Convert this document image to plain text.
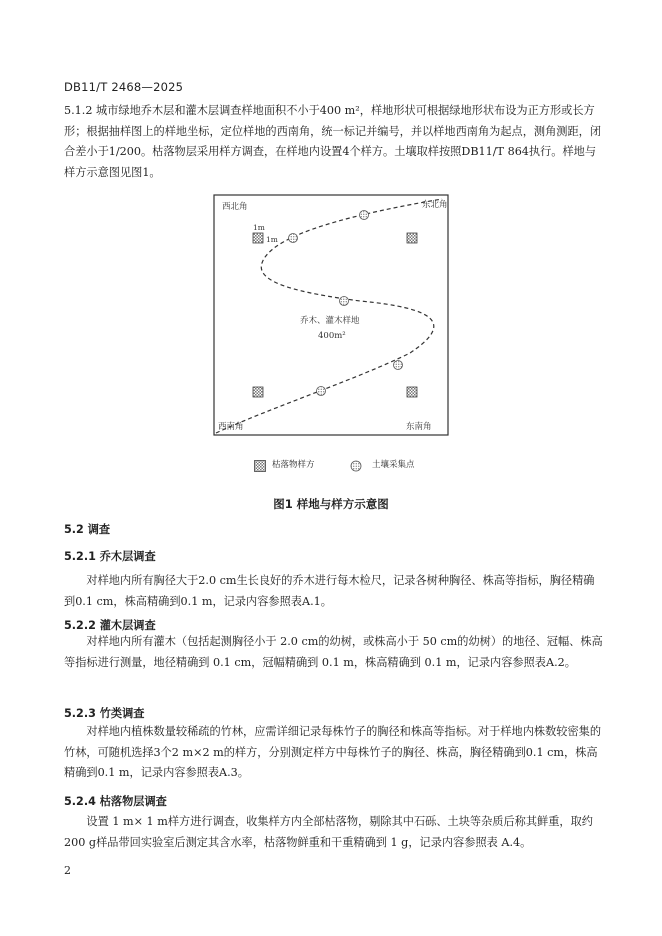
DB11/T 2468—2025
5.1.2 城市绿地乔木层和灌木层调查样地面积不小于400 m²，样地形状可根据绿地形状布设为正方形或长方形；根据抽样图上的样地坐标，定位样地的西南角，统一标记并编号，并以样地西南角为起点，测角测距，闭合差小于1/200。枯落物层采用样方调查，在样地内设置4个样方。土壤取样按照DB11/T 864执行。样地与样方示意图见图1。
西北角	东北角
西南角	东南角
1m
1m
乔木、灌木样地
400m²
枯落物样方	土壤采集点
图1 样地与样方示意图
5.2 调查
5.2.1 乔木层调查
对样地内所有胸径大于2.0 cm生长良好的乔木进行每木检尺，记录各树种胸径、株高等指标，胸径精确到0.1 cm，株高精确到0.1 m，记录内容参照表A.1。
5.2.2 灌木层调查
对样地内所有灌木（包括起测胸径小于 2.0 cm的幼树，或株高小于 50 cm的幼树）的地径、冠幅、株高等指标进行测量，地径精确到 0.1 cm，冠幅精确到 0.1 m，株高精确到 0.1 m，记录内容参照表A.2。
5.2.3 竹类调查
对样地内植株数量较稀疏的竹林，应需详细记录每株竹子的胸径和株高等指标。对于样地内株数较密集的竹林，可随机选择3个2 m×2 m的样方，分别测定样方中每株竹子的胸径、株高，胸径精确到0.1 cm，株高精确到0.1 m，记录内容参照表A.3。
5.2.4 枯落物层调查
设置 1 m× 1 m样方进行调查，收集样方内全部枯落物，剔除其中石砾、土块等杂质后称其鲜重，取约200 g样品带回实验室后测定其含水率，枯落物鲜重和干重精确到 1 g，记录内容参照表 A.4。
2
